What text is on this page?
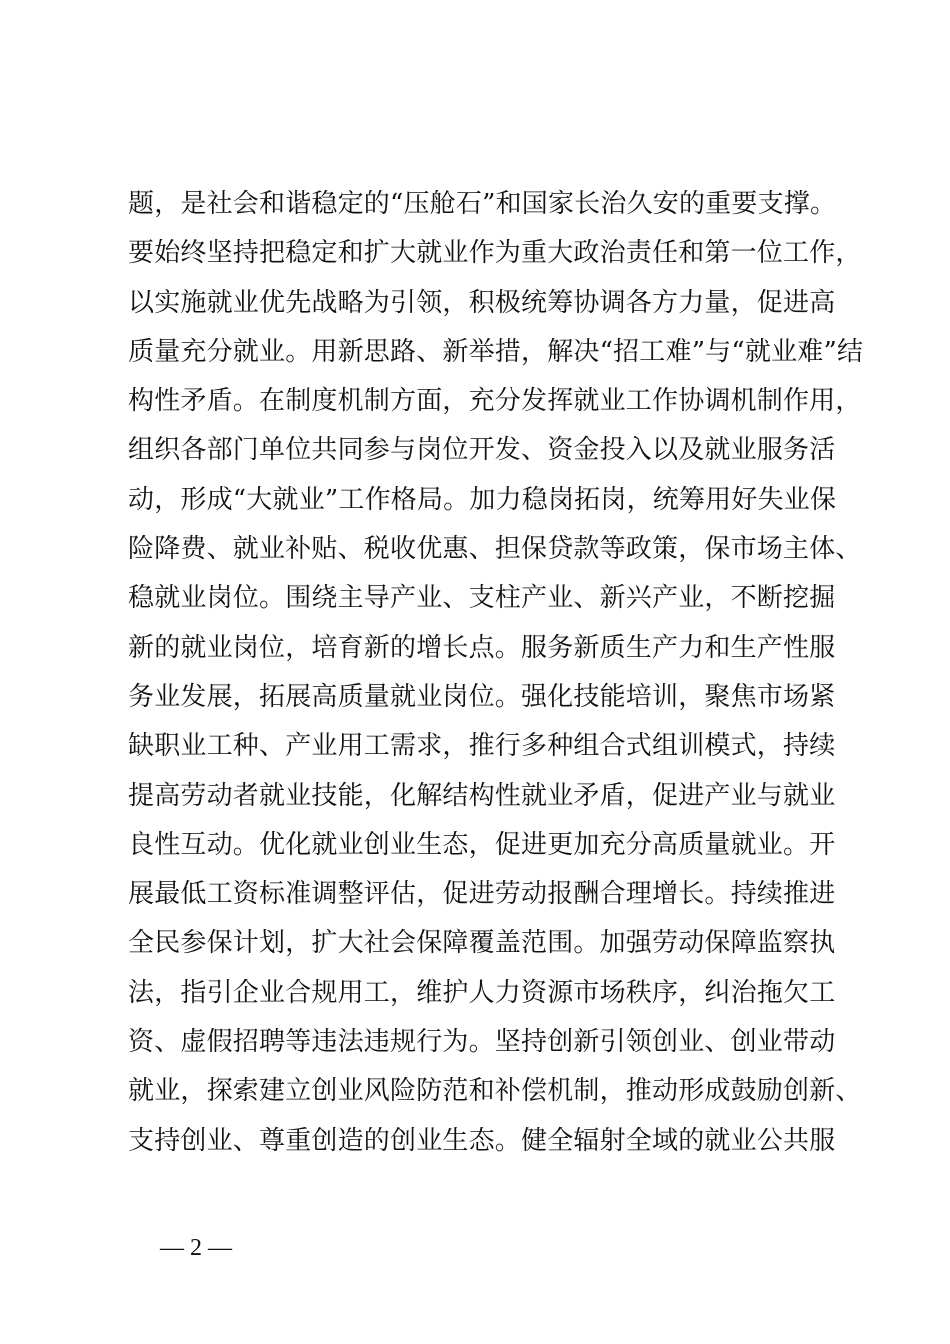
题，是社会和谐稳定的“压舱石”和国家长治久安的重要支撑。
要始终坚持把稳定和扩大就业作为重大政治责任和第一位工作，
以实施就业优先战略为引领，积极统筹协调各方力量，促进高
质量充分就业。用新思路、新举措，解决“招工难”与“就业难”结
构性矛盾。在制度机制方面，充分发挥就业工作协调机制作用，
组织各部门单位共同参与岗位开发、资金投入以及就业服务活
动，形成“大就业”工作格局。加力稳岗拓岗，统筹用好失业保
险降费、就业补贴、税收优惠、担保贷款等政策，保市场主体、
稳就业岗位。围绕主导产业、支柱产业、新兴产业，不断挖掘
新的就业岗位，培育新的增长点。服务新质生产力和生产性服
务业发展，拓展高质量就业岗位。强化技能培训，聚焦市场紧
缺职业工种、产业用工需求，推行多种组合式组训模式，持续
提高劳动者就业技能，化解结构性就业矛盾，促进产业与就业
良性互动。优化就业创业生态，促进更加充分高质量就业。开
展最低工资标准调整评估，促进劳动报酬合理增长。持续推进
全民参保计划，扩大社会保障覆盖范围。加强劳动保障监察执
法，指引企业合规用工，维护人力资源市场秩序，纠治拖欠工
资、虚假招聘等违法违规行为。坚持创新引领创业、创业带动
就业，探索建立创业风险防范和补偿机制，推动形成鼓励创新、
支持创业、尊重创造的创业生态。健全辐射全域的就业公共服
— 2 —
